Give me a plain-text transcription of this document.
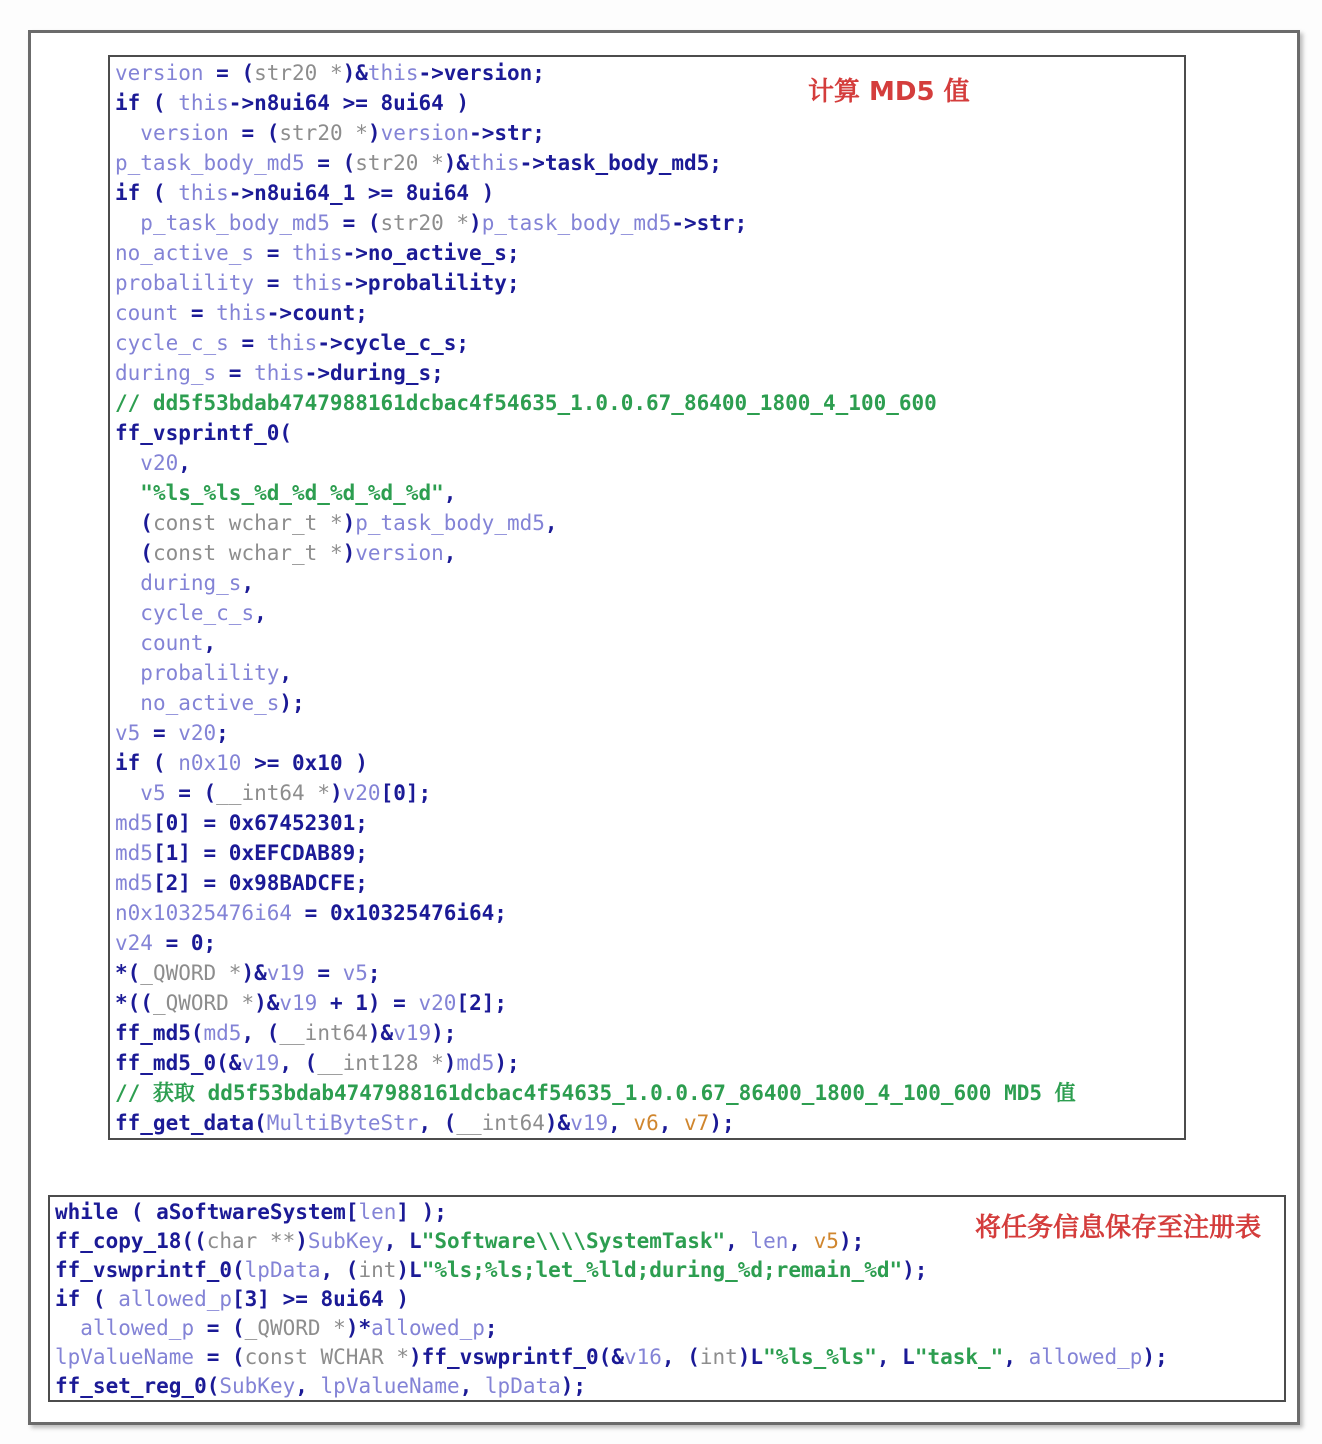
计算 MD5 值
version = (str20 *)&this->version;
if ( this->n8ui64 >= 8ui64 )
version = (str20 *)version->str;
p_task_body_md5 = (str20 *)&this->task_body_md5;
if ( this->n8ui64_1 >= 8ui64 )
p_task_body_md5 = (str20 *)p_task_body_md5->str;
no_active_s = this->no_active_s;
probalility = this->probalility;
count = this->count;
cycle_c_s = this->cycle_c_s;
during_s = this->during_s;
// dd5f53bdab4747988161dcbac4f54635_1.0.0.67_86400_1800_4_100_600
ff_vsprintf_0(
v20,
"%ls_%ls_%d_%d_%d_%d_%d",
(const wchar_t *)p_task_body_md5,
(const wchar_t *)version,
during_s,
cycle_c_s,
count,
probalility,
no_active_s);
v5 = v20;
if ( n0x10 >= 0x10 )
v5 = (__int64 *)v20[0];
md5[0] = 0x67452301;
md5[1] = 0xEFCDAB89;
md5[2] = 0x98BADCFE;
n0x10325476i64 = 0x10325476i64;
v24 = 0;
*(_QWORD *)&v19 = v5;
*((_QWORD *)&v19 + 1) = v20[2];
ff_md5(md5, (__int64)&v19);
ff_md5_0(&v19, (__int128 *)md5);
// 获取 dd5f53bdab4747988161dcbac4f54635_1.0.0.67_86400_1800_4_100_600 MD5 值
ff_get_data(MultiByteStr, (__int64)&v19, v6, v7);
将任务信息保存至注册表
while ( aSoftwareSystem[len] );
ff_copy_18((char **)SubKey, L"Software\\\\SystemTask", len, v5);
ff_vswprintf_0(lpData, (int)L"%ls;%ls;let_%lld;during_%d;remain_%d");
if ( allowed_p[3] >= 8ui64 )
allowed_p = (_QWORD *)*allowed_p;
lpValueName = (const WCHAR *)ff_vswprintf_0(&v16, (int)L"%ls_%ls", L"task_", allowed_p);
ff_set_reg_0(SubKey, lpValueName, lpData);
